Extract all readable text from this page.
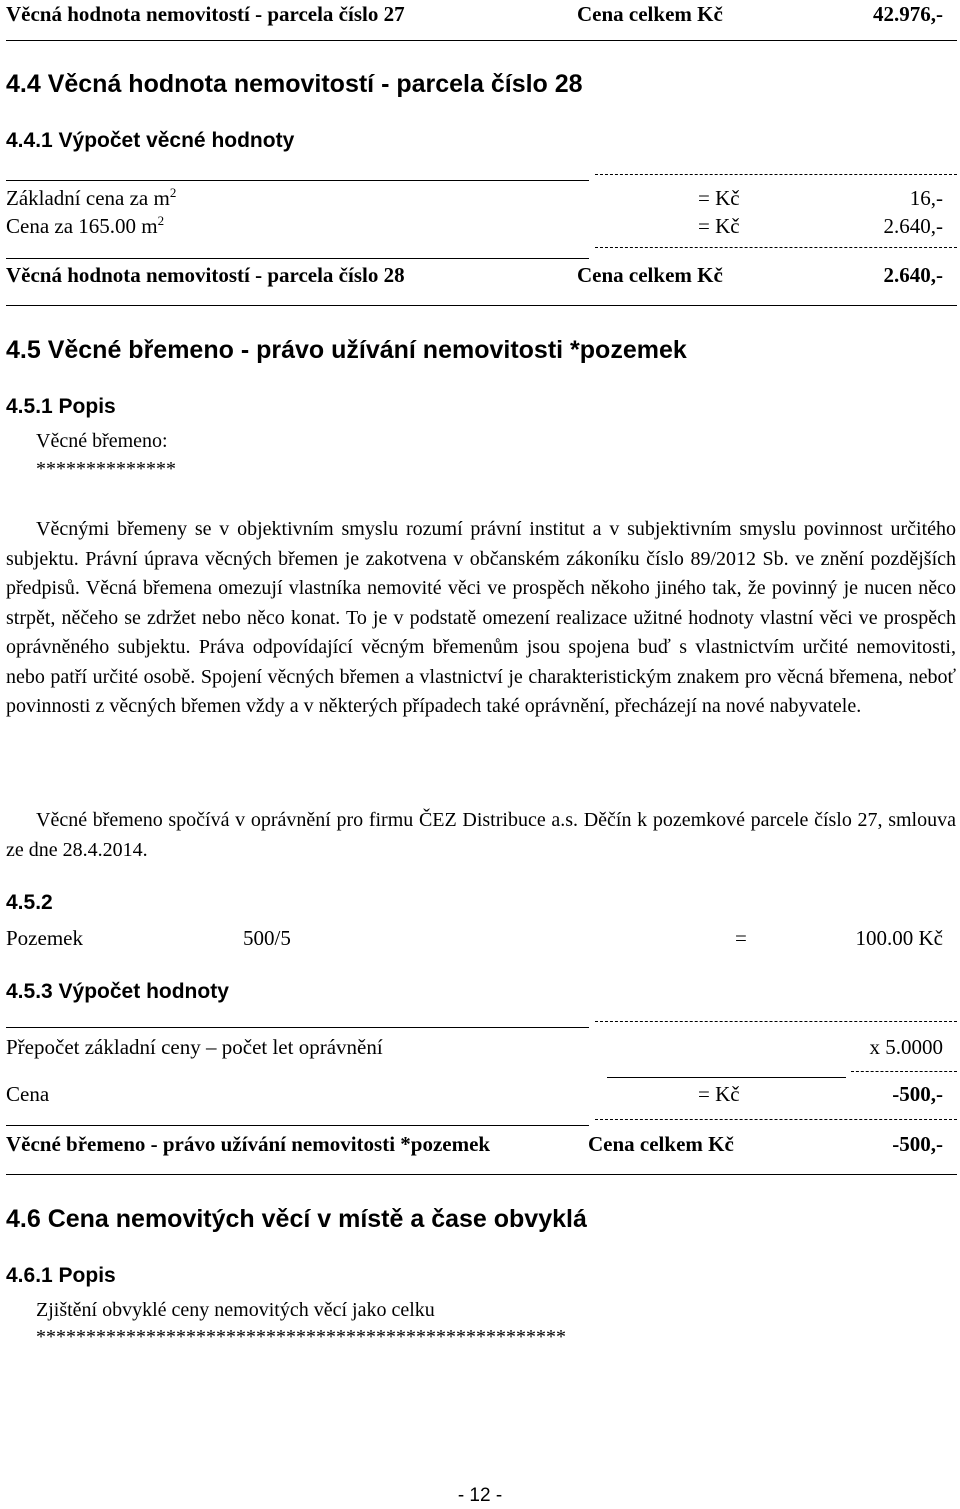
Věcná hodnota nemovitostí - parcela číslo 27	Cena celkem Kč	42.976,-
4.4 Věcná hodnota nemovitostí - parcela číslo 28
4.4.1 Výpočet věcné hodnoty
Základní cena za $m^2$	= Kč	16,-
Cena za 165.00 $m^2$	= Kč	2.640,-
Věcná hodnota nemovitostí - parcela číslo 28	Cena celkem Kč	2.640,-
4.5 Věcné břemeno - právo užívání nemovitosti *pozemek
4.5.1 Popis
Věcné břemeno:
**************
Věcnými břemeny se v objektivním smyslu rozumí právní institut a v subjektivním smyslu povinnost určitého subjektu. Právní úprava věcných břemen je zakotvena v občanském zákoníku číslo 89/2012 Sb. ve znění pozdějších předpisů. Věcná břemena omezují vlastníka nemovité věci ve prospěch někoho jiného tak, že povinný je nucen něco strpět, něčeho se zdržet nebo něco konat. To je v podstatě omezení realizace užitné hodnoty vlastní věci ve prospěch oprávněného subjektu. Práva odpovídající věcným břemenům jsou spojena buď s vlastnictvím určité nemovitosti, nebo patří určité osobě. Spojení věcných břemen a vlastnictví je charakteristickým znakem pro věcná břemena, neboť povinnosti z věcných břemen vždy a v některých případech také oprávnění, přecházejí na nové nabyvatele.
Věcné břemeno spočívá v oprávnění pro firmu ČEZ Distribuce a.s. Děčín k pozemkové parcele číslo 27, smlouva ze dne 28.4.2014.
4.5.2
Pozemek	500/5	=	100.00 Kč
4.5.3 Výpočet hodnoty
Přepočet základní ceny – počet let oprávnění	x 5.0000
Cena	= Kč	-500,-
Věcné břemeno - právo užívání nemovitosti *pozemek	Cena celkem Kč	-500,-
4.6 Cena nemovitých věcí v místě a čase obvyklá
4.6.1 Popis
Zjištění obvyklé ceny nemovitých věcí jako celku
*****************************************************
- 12 -
